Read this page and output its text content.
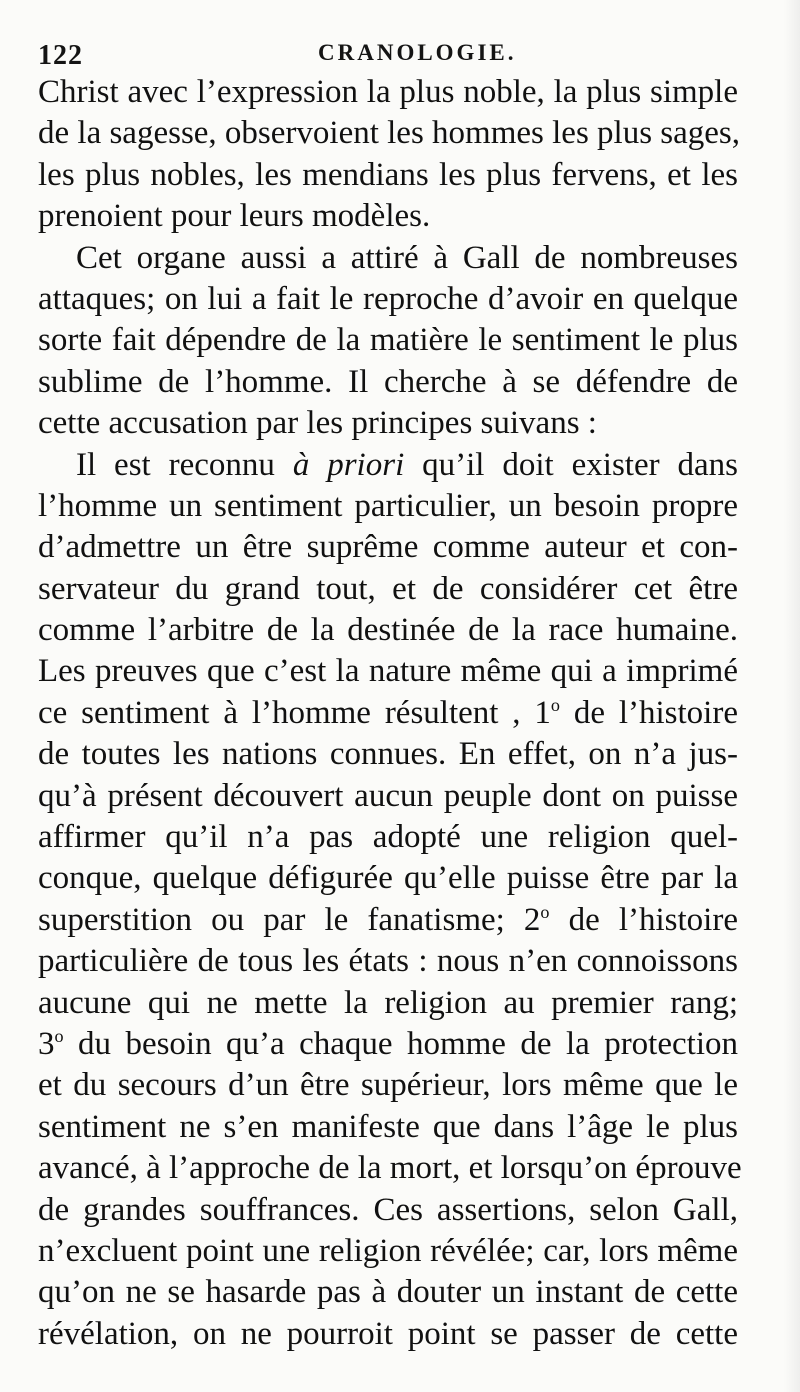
122	CRANOLOGIE.
Christ avec l’expression la plus noble, la plus simple
de la sagesse, observoient les hommes les plus sages,
les plus nobles, les mendians les plus fervens, et les
prenoient pour leurs modèles.
Cet organe aussi a attiré à Gall de nombreuses
attaques; on lui a fait le reproche d’avoir en quelque
sorte fait dépendre de la matière le sentiment le plus
sublime de l’homme. Il cherche à se défendre de
cette accusation par les principes suivans :
Il est reconnu à priori qu’il doit exister dans
l’homme un sentiment particulier, un besoin propre
d’admettre un être suprême comme auteur et con-
servateur du grand tout, et de considérer cet être
comme l’arbitre de la destinée de la race humaine.
Les preuves que c’est la nature même qui a imprimé
ce sentiment à l’homme résultent , 1$^o$ de l’histoire
de toutes les nations connues. En effet, on n’a jus-
qu’à présent découvert aucun peuple dont on puisse
affirmer qu’il n’a pas adopté une religion quel-
conque, quelque défigurée qu’elle puisse être par la
superstition ou par le fanatisme; 2$^o$ de l’histoire
particulière de tous les états : nous n’en connoissons
aucune qui ne mette la religion au premier rang;
3$^o$ du besoin qu’a chaque homme de la protection
et du secours d’un être supérieur, lors même que le
sentiment ne s’en manifeste que dans l’âge le plus
avancé, à l’approche de la mort, et lorsqu’on éprouve
de grandes souffrances. Ces assertions, selon Gall,
n’excluent point une religion révélée; car, lors même
qu’on ne se hasarde pas à douter un instant de cette
révélation, on ne pourroit point se passer de cette
